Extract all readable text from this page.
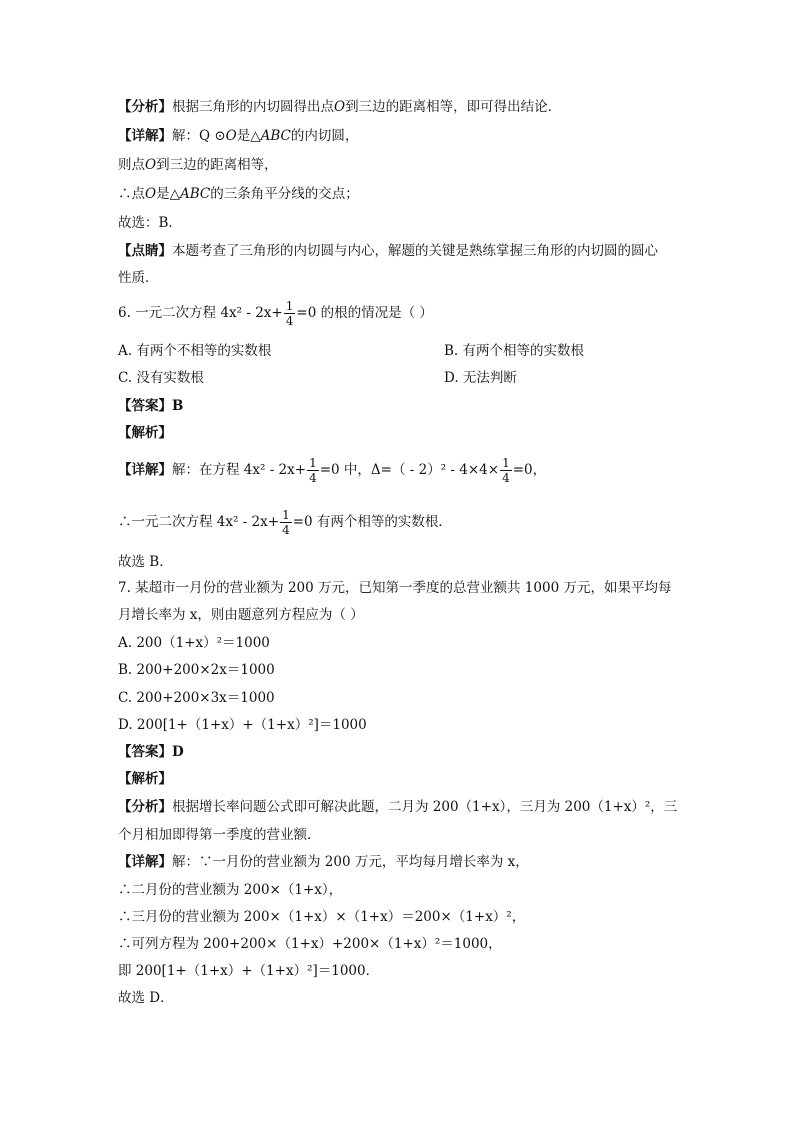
【分析】根据三角形的内切圆得出点O到三边的距离相等，即可得出结论．
【详解】解：Q ⊙O是△ABC的内切圆，
则点O到三边的距离相等，
∴点O是△ABC的三条角平分线的交点；
故选：B．
【点睛】本题考查了三角形的内切圆与内心，解题的关键是熟练掌握三角形的内切圆的圆心
性质．
6. 一元二次方程 $4x^2 - 2x+ \frac{1}{4} =0$ 的根的情况是（ ）
A. 有两个不相等的实数根	B. 有两个相等的实数根
C. 没有实数根	D. 无法判断
【答案】B
【解析】
【详解】解：在方程 $4x^2 - 2x+ \frac{1}{4} =0$ 中，$\Delta=( - 2)^2 - 4\times 4\times \frac{1}{4} =0$，
∴一元二次方程 $4x^2 - 2x+ \frac{1}{4} =0$ 有两个相等的实数根．
故选 B．
7. 某超市一月份的营业额为 200 万元，已知第一季度的总营业额共 1000 万元，如果平均每
月增长率为 x，则由题意列方程应为（ ）
A. 200（1+x）²＝1000
B. 200+200×2x＝1000
C. 200+200×3x＝1000
D. 200[1+（1+x）+（1+x）²]＝1000
【答案】D
【解析】
【分析】根据增长率问题公式即可解决此题，二月为 200（1+x），三月为 200（1+x）²，三
个月相加即得第一季度的营业额．
【详解】解：∵一月份的营业额为 200 万元，平均每月增长率为 x，
∴二月份的营业额为 200×（1+x），
∴三月份的营业额为 200×（1+x）×（1+x）＝200×（1+x）²，
∴可列方程为 200+200×（1+x）+200×（1+x）²＝1000，
即 200[1+（1+x）+（1+x）²]＝1000．
故选 D．
